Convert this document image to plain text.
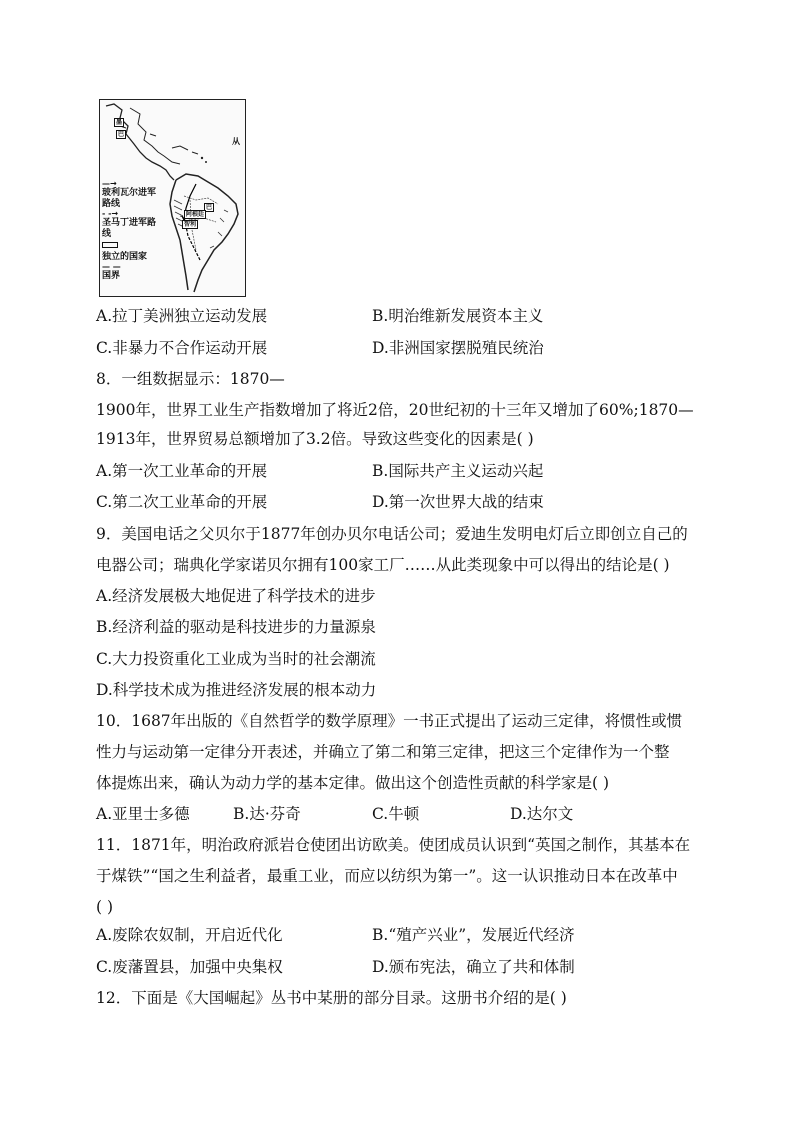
墨
巴
巴
阿根廷
智利
从
—→
玻利瓦尔进军路线
- -→
圣马丁进军路线
独立的国家
— —
国界
A.拉丁美洲独立运动发展	B.明治维新发展资本主义
C.非暴力不合作运动开展	D.非洲国家摆脱殖民统治
8．一组数据显示：1870—
1900年，世界工业生产指数增加了将近2倍，20世纪初的十三年又增加了60%;1870—
1913年，世界贸易总额增加了3.2倍。导致这些变化的因素是( )
A.第一次工业革命的开展	B.国际共产主义运动兴起
C.第二次工业革命的开展	D.第一次世界大战的结束
9．美国电话之父贝尔于1877年创办贝尔电话公司；爱迪生发明电灯后立即创立自己的
电器公司；瑞典化学家诺贝尔拥有100家工厂……从此类现象中可以得出的结论是( )
A.经济发展极大地促进了科学技术的进步
B.经济利益的驱动是科技进步的力量源泉
C.大力投资重化工业成为当时的社会潮流
D.科学技术成为推进经济发展的根本动力
10．1687年出版的《自然哲学的数学原理》一书正式提出了运动三定律，将惯性或惯
性力与运动第一定律分开表述，并确立了第二和第三定律，把这三个定律作为一个整
体提炼出来，确认为动力学的基本定律。做出这个创造性贡献的科学家是( )
A.亚里士多德	B.达·芬奇	C.牛顿	D.达尔文
11．1871年，明治政府派岩仓使团出访欧美。使团成员认识到“英国之制作，其基本在
于煤铁”“国之生利益者，最重工业，而应以纺织为第一”。这一认识推动日本在改革中
( )
A.废除农奴制，开启近代化	B.“殖产兴业”，发展近代经济
C.废藩置县，加强中央集权	D.颁布宪法，确立了共和体制
12．下面是《大国崛起》丛书中某册的部分目录。这册书介绍的是( )
